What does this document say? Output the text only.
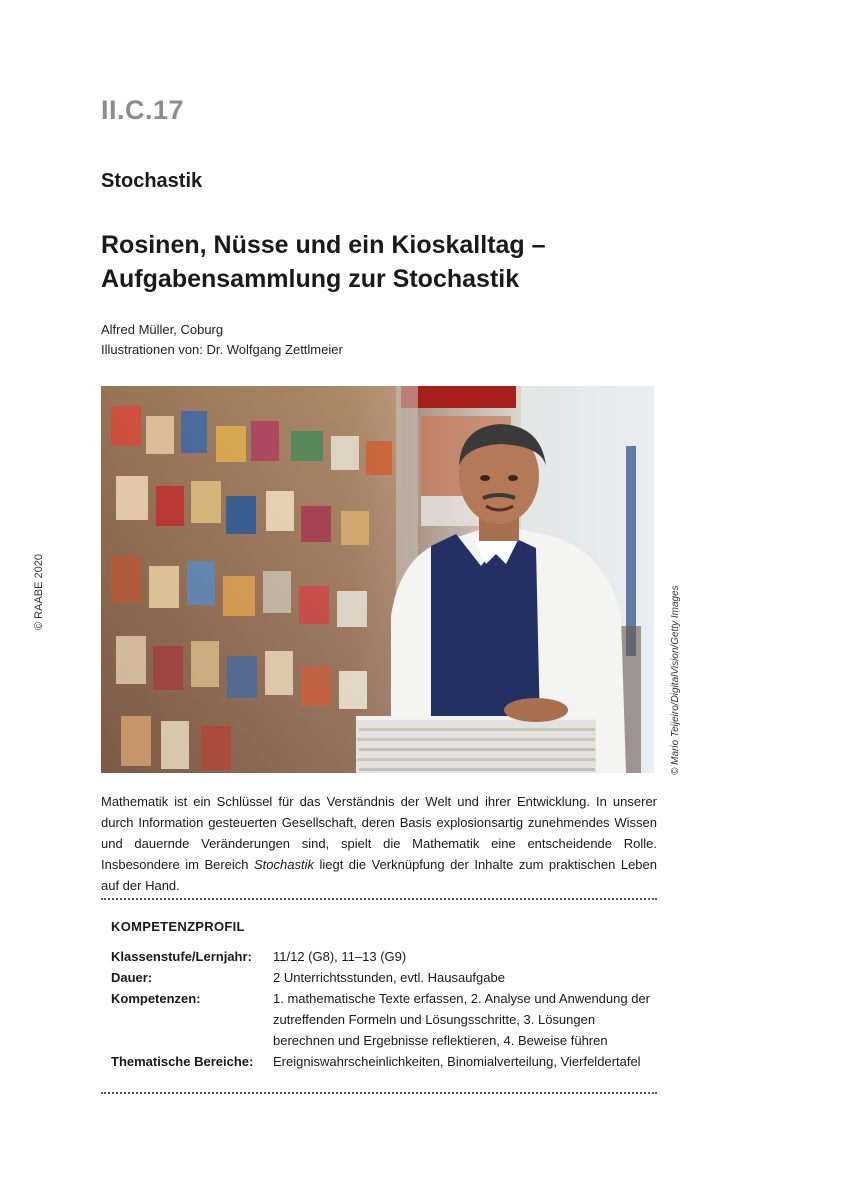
II.C.17
Stochastik
Rosinen, Nüsse und ein Kioskalltag –
Aufgabensammlung zur Stochastik
Alfred Müller, Coburg
Illustrationen von: Dr. Wolfgang Zettlmeier
© RAABE 2020	© Mario Teijeiro/DigitalVision/Getty Images
Mathematik ist ein Schlüssel für das Verständnis der Welt und ihrer Entwicklung. In unserer durch Information gesteuerten Gesellschaft, deren Basis explosionsartig zunehmendes Wissen und dauernde Veränderungen sind, spielt die Mathematik eine entscheidende Rolle. Insbesondere im Bereich Stochastik liegt die Verknüpfung der Inhalte zum praktischen Leben auf der Hand.
KOMPETENZPROFIL
Klassenstufe/Lernjahr:	11/12 (G8), 11–13 (G9)
Dauer:	2 Unterrichtsstunden, evtl. Hausaufgabe
Kompetenzen:	1. mathematische Texte erfassen, 2. Analyse und Anwendung der zutreffenden Formeln und Lösungsschritte, 3. Lösungen berechnen und Ergebnisse reflektieren, 4. Beweise führen
Thematische Bereiche:	Ereigniswahrscheinlichkeiten, Binomialverteilung, Vierfeldertafel
